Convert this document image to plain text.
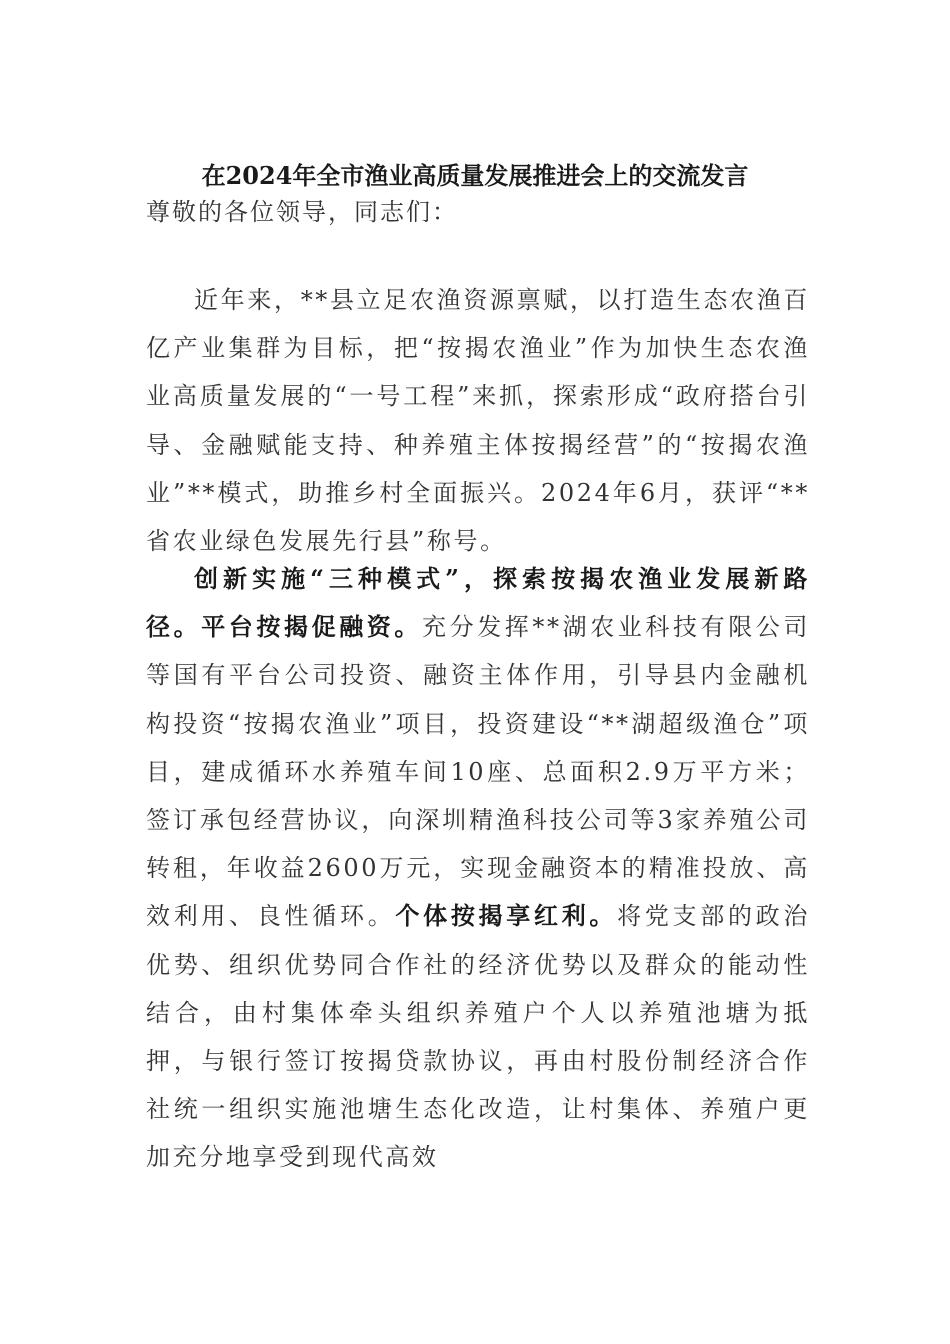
在2024年全市渔业高质量发展推进会上的交流发言
尊敬的各位领导，同志们：
近年来，**县立足农渔资源禀赋，以打造生态农渔百亿产业集群为目标，把“按揭农渔业”作为加快生态农渔业高质量发展的“一号工程”来抓，探索形成“政府搭台引导、金融赋能支持、种养殖主体按揭经营”的“按揭农渔业”**模式，助推乡村全面振兴。2024年6月，获评“**省农业绿色发展先行县”称号。
创新实施“三种模式”，探索按揭农渔业发展新路径。平台按揭促融资。充分发挥**湖农业科技有限公司等国有平台公司投资、融资主体作用，引导县内金融机构投资“按揭农渔业”项目，投资建设“**湖超级渔仓”项目，建成循环水养殖车间10座、总面积2.9万平方米；签订承包经营协议，向深圳精渔科技公司等3家养殖公司转租，年收益2600万元，实现金融资本的精准投放、高效利用、良性循环。个体按揭享红利。将党支部的政治优势、组织优势同合作社的经济优势以及群众的能动性结合，由村集体牵头组织养殖户个人以养殖池塘为抵押，与银行签订按揭贷款协议，再由村股份制经济合作社统一组织实施池塘生态化改造，让村集体、养殖户更加充分地享受到现代高效
